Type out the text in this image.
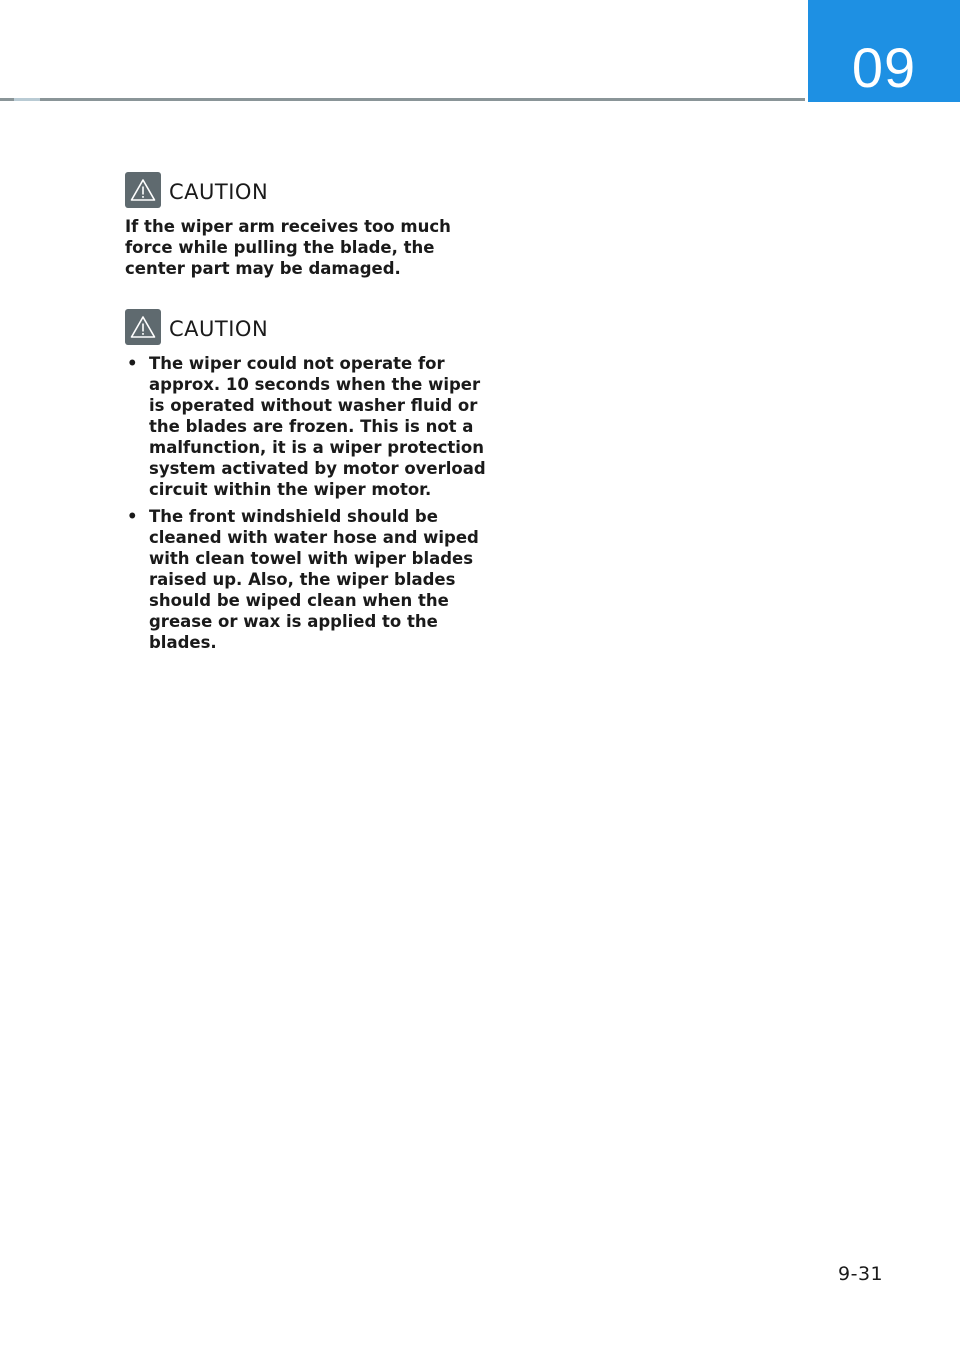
09
CAUTION

If the wiper arm receives too much force while pulling the blade, the center part may be damaged.

CAUTION
• The wiper could not operate for approx. 10 seconds when the wiper is operated without washer fluid or the blades are frozen. This is not a malfunction, it is a wiper protection system activated by motor overload circuit within the wiper motor.
• The front windshield should be cleaned with water hose and wiped with clean towel with wiper blades raised up. Also, the wiper blades should be wiped clean when the grease or wax is applied to the blades.
9-31
